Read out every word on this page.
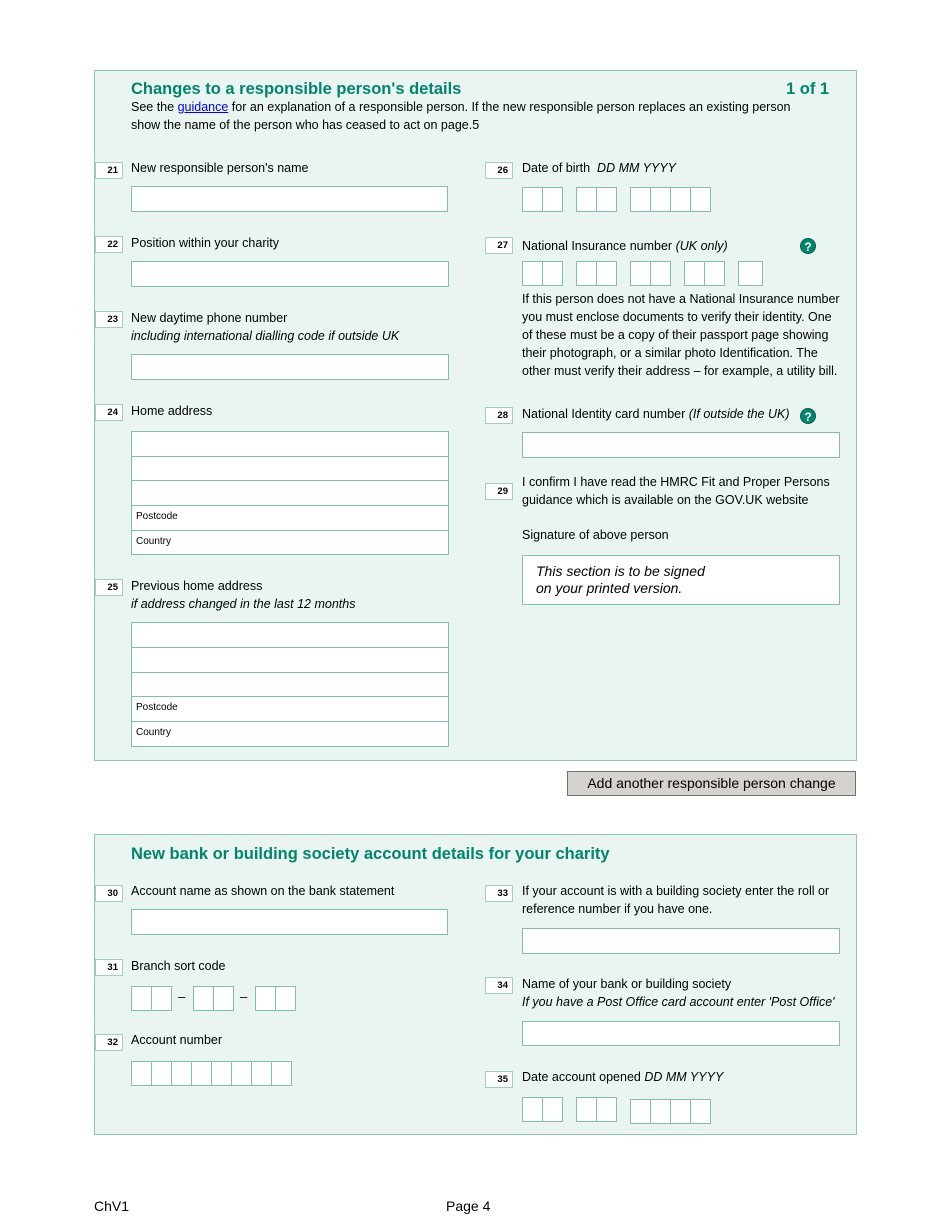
Changes to a responsible person's details	1 of 1
See the guidance for an explanation of a responsible person. If the new responsible person replaces an existing person
show the name of the person who has ceased to act on page.5
21	New responsible person's name
22	Position within your charity
23	New daytime phone number
including international dialling code if outside UK
24	Home address
Postcode
Country
25	Previous home address
if address changed in the last 12 months
Postcode
Country
26	Date of birth DD MM YYYY
27	National Insurance number (UK only)	?
If this person does not have a National Insurance number
you must enclose documents to verify their identity. One
of these must be a copy of their passport page showing
their photograph, or a similar photo Identification. The
other must verify their address – for example, a utility bill.
28	National Identity card number (If outside the UK)	?
29
I confirm I have read the HMRC Fit and Proper Persons
guidance which is available on the GOV.UK website
Signature of above person
This section is to be signed
on your printed version.
Add another responsible person change
New bank or building society account details for your charity
30	Account name as shown on the bank statement
31	Branch sort code
–	–
32	Account number
33	If your account is with a building society enter the roll or
reference number if you have one.
34	Name of your bank or building society
If you have a Post Office card account enter 'Post Office'
35	Date account opened DD MM YYYY
ChV1	Page 4
